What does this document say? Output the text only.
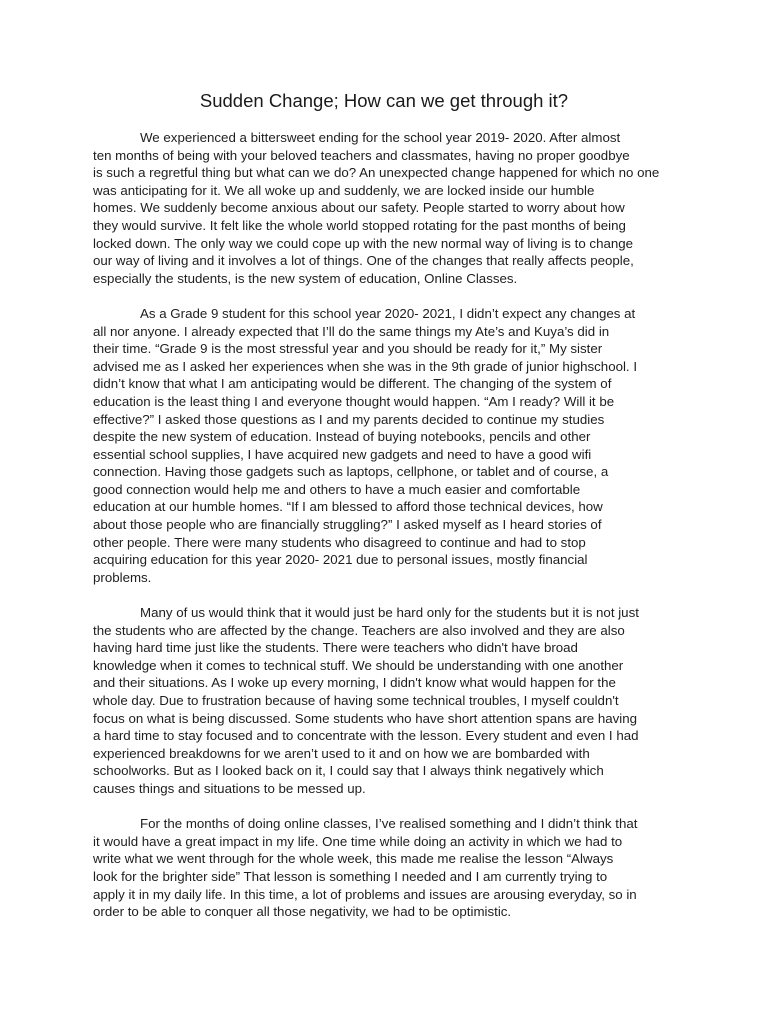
Sudden Change; How can we get through it?

We experienced a bittersweet ending for the school year 2019- 2020. After almost
ten months of being with your beloved teachers and classmates, having no proper goodbye
is such a regretful thing but what can we do? An unexpected change happened for which no one
was anticipating for it. We all woke up and suddenly, we are locked inside our humble
homes. We suddenly become anxious about our safety. People started to worry about how
they would survive. It felt like the whole world stopped rotating for the past months of being
locked down. The only way we could cope up with the new normal way of living is to change
our way of living and it involves a lot of things. One of the changes that really affects people,
especially the students, is the new system of education, Online Classes.

As a Grade 9 student for this school year 2020- 2021, I didn’t expect any changes at
all nor anyone. I already expected that I’ll do the same things my Ate’s and Kuya’s did in
their time. “Grade 9 is the most stressful year and you should be ready for it,” My sister
advised me as I asked her experiences when she was in the 9th grade of junior highschool. I
didn’t know that what I am anticipating would be different. The changing of the system of
education is the least thing I and everyone thought would happen. “Am I ready? Will it be
effective?” I asked those questions as I and my parents decided to continue my studies
despite the new system of education. Instead of buying notebooks, pencils and other
essential school supplies, I have acquired new gadgets and need to have a good wifi
connection. Having those gadgets such as laptops, cellphone, or tablet and of course, a
good connection would help me and others to have a much easier and comfortable
education at our humble homes. “If I am blessed to afford those technical devices, how
about those people who are financially struggling?” I asked myself as I heard stories of
other people. There were many students who disagreed to continue and had to stop
acquiring education for this year 2020- 2021 due to personal issues, mostly financial
problems.

Many of us would think that it would just be hard only for the students but it is not just
the students who are affected by the change. Teachers are also involved and they are also
having hard time just like the students. There were teachers who didn't have broad
knowledge when it comes to technical stuff. We should be understanding with one another
and their situations. As I woke up every morning, I didn't know what would happen for the
whole day. Due to frustration because of having some technical troubles, I myself couldn't
focus on what is being discussed. Some students who have short attention spans are having
a hard time to stay focused and to concentrate with the lesson. Every student and even I had
experienced breakdowns for we aren’t used to it and on how we are bombarded with
schoolworks. But as I looked back on it, I could say that I always think negatively which
causes things and situations to be messed up.

For the months of doing online classes, I’ve realised something and I didn’t think that
it would have a great impact in my life. One time while doing an activity in which we had to
write what we went through for the whole week, this made me realise the lesson “Always
look for the brighter side” That lesson is something I needed and I am currently trying to
apply it in my daily life. In this time, a lot of problems and issues are arousing everyday, so in
order to be able to conquer all those negativity, we had to be optimistic.
